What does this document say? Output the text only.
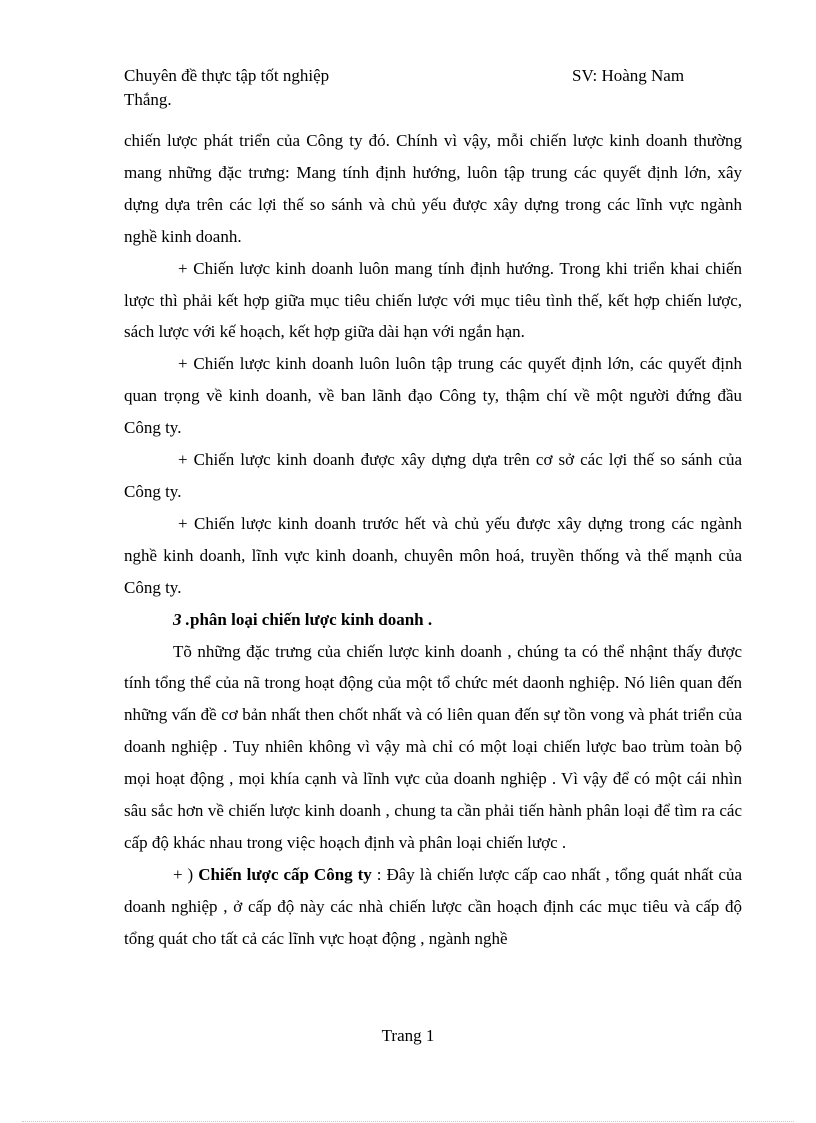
Chuyên đề thực tập tốt nghiệp	SV: Hoàng Nam
Thắng.

chiến lược phát triển của Công ty đó. Chính vì vậy, mỗi chiến lược kinh doanh thường mang những đặc trưng: Mang tính định hướng, luôn tập trung các quyết định lớn, xây dựng dựa trên các lợi thế so sánh và chủ yếu được xây dựng trong các lĩnh vực ngành nghề kinh doanh.

+ Chiến lược kinh doanh luôn mang tính định hướng. Trong khi triển khai chiến lược thì phải kết hợp giữa mục tiêu chiến lược với mục tiêu tình thế, kết hợp chiến lược, sách lược với kế hoạch, kết hợp giữa dài hạn với ngắn hạn.

+ Chiến lược kinh doanh luôn luôn tập trung các quyết định lớn, các quyết định quan trọng về kinh doanh, về ban lãnh đạo Công ty, thậm chí về một người đứng đầu Công ty.

+ Chiến lược kinh doanh được xây dựng dựa trên cơ sở các lợi thế so sánh của Công ty.

+ Chiến lược kinh doanh trước hết và chủ yếu được xây dựng trong các ngành nghề kinh doanh, lĩnh vực kinh doanh, chuyên môn hoá, truyền thống và thế mạnh của Công ty.

3 .phân loại chiến lược kinh doanh .

Tõ những đặc trưng của chiến lược kinh doanh , chúng ta có thể nhậnt thấy được tính tổng thể của nã trong hoạt động của một tổ chức mét daonh nghiệp. Nó liên quan đến những vấn đề cơ bản nhất then chốt nhất và có liên quan đến sự tồn vong và phát triển của doanh nghiệp . Tuy nhiên không vì vậy mà chỉ có một loại chiến lược bao trùm toàn bộ mọi hoạt động , mọi khía cạnh và lĩnh vực của doanh nghiệp . Vì vậy để có một cái nhìn sâu sắc hơn về chiến lược kinh doanh , chung ta cần phải tiến hành phân loại để tìm ra các cấp độ khác nhau trong việc hoạch định và phân loại chiến lược .

+ ) Chiến lược cấp Công ty : Đây là chiến lược cấp cao nhất , tổng quát nhất của doanh nghiệp , ở cấp độ này các nhà chiến lược cần hoạch định các mục tiêu và cấp độ tổng quát cho tất cả các lĩnh vực hoạt động , ngành nghề

Trang 1
